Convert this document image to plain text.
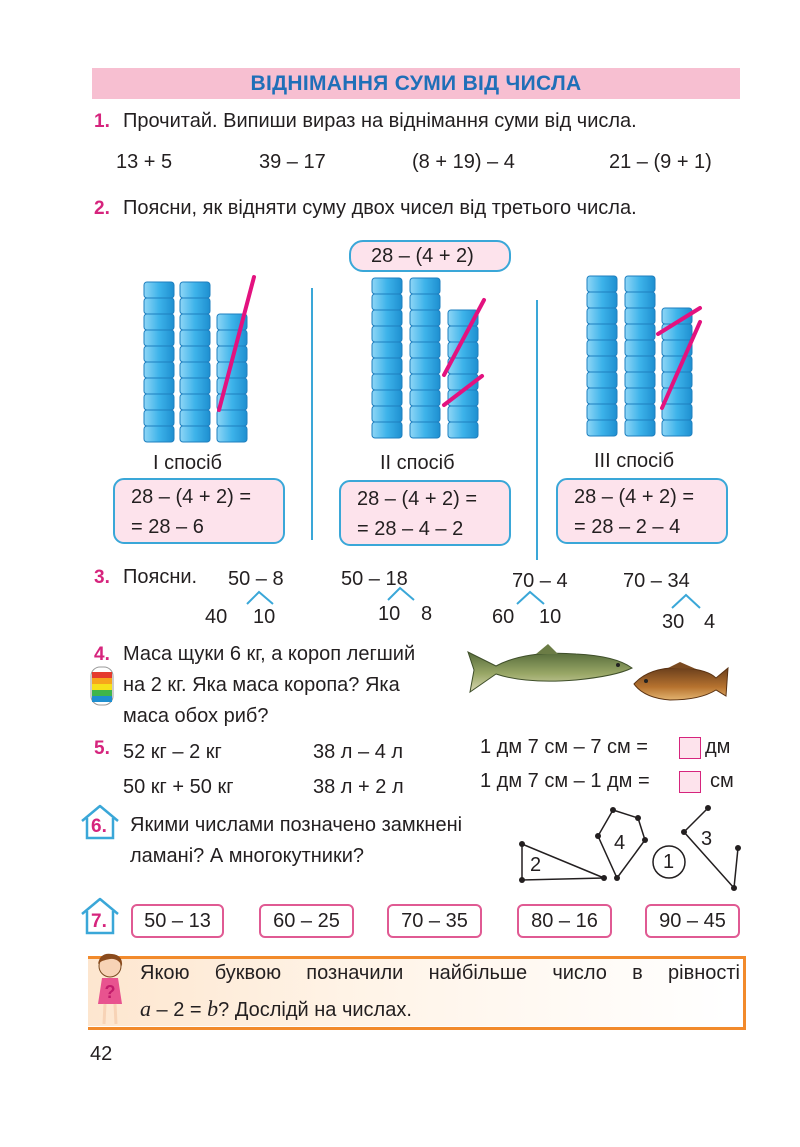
ВІДНІМАННЯ СУМИ ВІД ЧИСЛА
1. Прочитай. Випиши вираз на віднімання суми від числа.
13 + 5	39 – 17	(8 + 19) – 4	21 – (9 + 1)
2. Поясни, як відняти суму двох чисел від третього числа.
28 – (4 + 2)
І спосіб	ІІ спосіб	ІІІ спосіб
28 – (4 + 2) =
= 28 – 6
28 – (4 + 2) =
= 28 – 4 – 2
28 – (4 + 2) =
= 28 – 2 – 4
3. Поясни. 50 – 8
40 10
50 – 18
10 8
70 – 4
60 10
70 – 34
30 4
4. Маса щуки 6 кг, а короп легший
на 2 кг. Яка маса коропа? Яка
маса обох риб?
5. 52 кг – 2 кг
50 кг + 50 кг
38 л – 4 л
38 л + 2 л
1 дм 7 см – 7 см =	дм
1 дм 7 см – 1 дм =	см
6. Якими числами позначено замкнені
ламані? А многокутники?	2
4
1
3
7.	50 – 13	60 – 25	70 – 35	80 – 16	90 – 45
?
Якою буквою позначили найбільше число в рівності
a – 2 = b? Дослідй на числах.
42
